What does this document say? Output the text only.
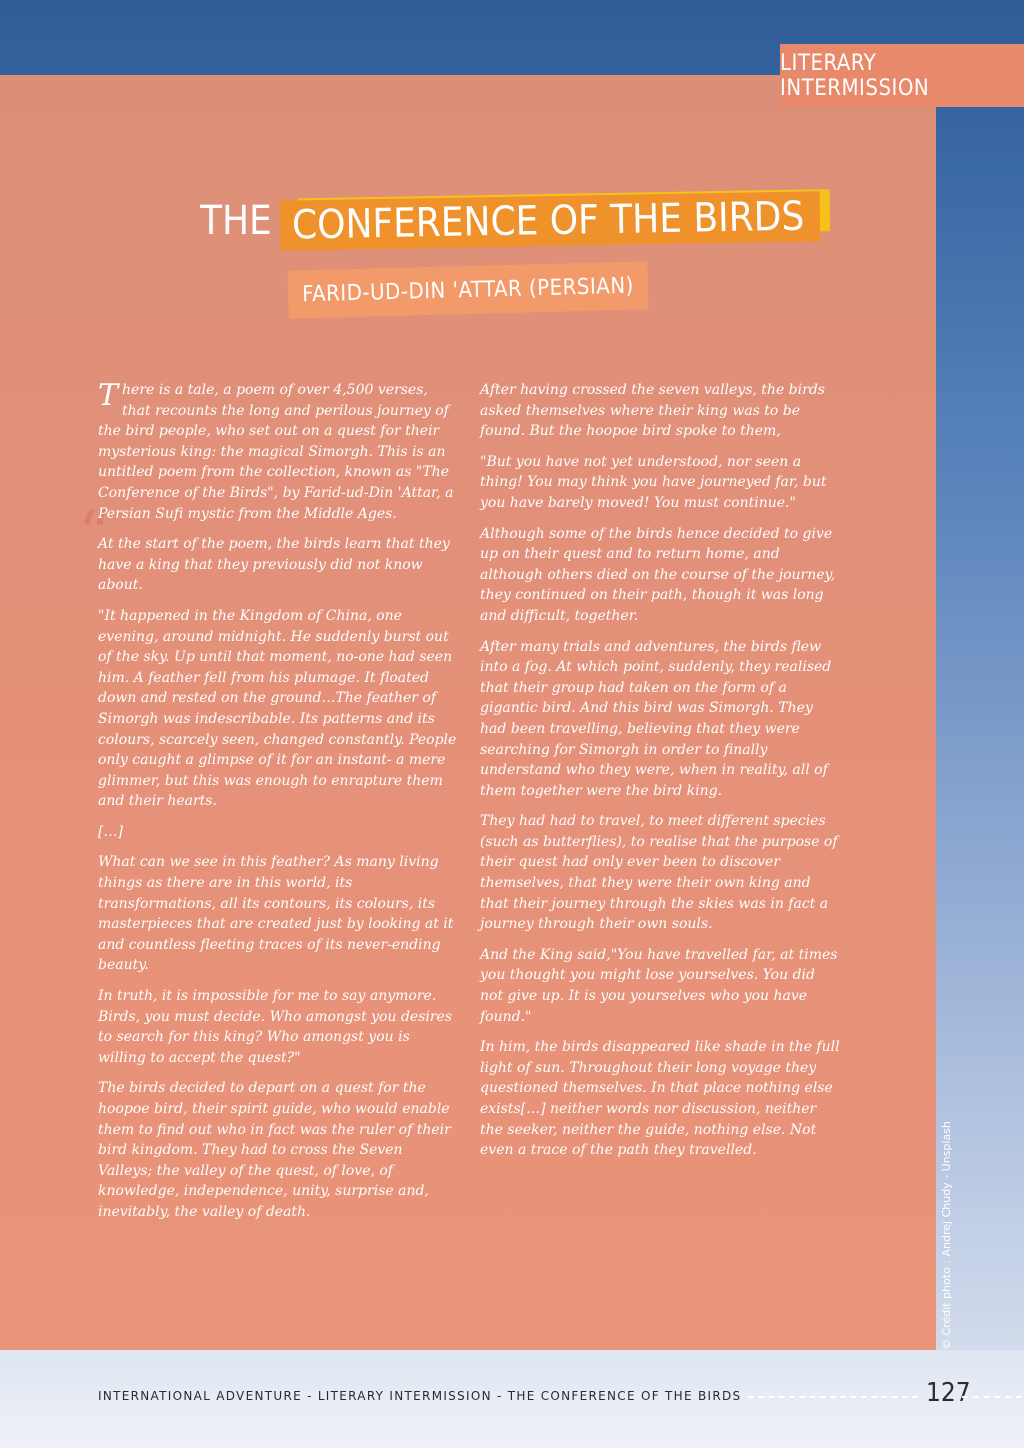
LITERARY INTERMISSION
THE CONFERENCE OF THE BIRDS
FARID-UD-DIN 'ATTAR (PERSIAN)
“

There is a tale, a poem of over 4,500 verses, that recounts the long and perilous journey of the bird people, who set out on a quest for their mysterious king: the magical Simorgh. This is an untitled poem from the collection, known as "The Conference of the Birds", by Farid-ud-Din 'Attar, a Persian Sufi mystic from the Middle Ages.

At the start of the poem, the birds learn that they have a king that they previously did not know about.

"It happened in the Kingdom of China, one evening, around midnight. He suddenly burst out of the sky. Up until that moment, no-one had seen him. A feather fell from his plumage. It floated down and rested on the ground…The feather of Simorgh was indescribable. Its patterns and its colours, scarcely seen, changed constantly. People only caught a glimpse of it for an instant- a mere glimmer, but this was enough to enrapture them and their hearts.

[…]

What can we see in this feather? As many living things as there are in this world, its transformations, all its contours, its colours, its masterpieces that are created just by looking at it and countless fleeting traces of its never-ending beauty.

In truth, it is impossible for me to say anymore. Birds, you must decide. Who amongst you desires to search for this king? Who amongst you is willing to accept the quest?"

The birds decided to depart on a quest for the hoopoe bird, their spirit guide, who would enable them to find out who in fact was the ruler of their bird kingdom. They had to cross the Seven Valleys; the valley of the quest, of love, of knowledge, independence, unity, surprise and, inevitably, the valley of death.

After having crossed the seven valleys, the birds asked themselves where their king was to be found. But the hoopoe bird spoke to them,

"But you have not yet understood, nor seen a thing! You may think you have journeyed far, but you have barely moved! You must continue."

Although some of the birds hence decided to give up on their quest and to return home, and although others died on the course of the journey, they continued on their path, though it was long and difficult, together.

After many trials and adventures, the birds flew into a fog. At which point, suddenly, they realised that their group had taken on the form of a gigantic bird. And this bird was Simorgh. They had been travelling, believing that they were searching for Simorgh in order to finally understand who they were, when in reality, all of them together were the bird king.

They had had to travel, to meet different species (such as butterflies), to realise that the purpose of their quest had only ever been to discover themselves, that they were their own king and that their journey through the skies was in fact a journey through their own souls.

And the King said,"You have travelled far, at times you thought you might lose yourselves. You did not give up. It is you yourselves who you have found."

In him, the birds disappeared like shade in the full light of sun. Throughout their long voyage they questioned themselves. In that place nothing else exists[…] neither words nor discussion, neither the seeker, neither the guide, nothing else. Not even a trace of the path they travelled.	© Crédit photo : Andrej Chudy - Unsplash
INTERNATIONAL ADVENTURE - LITERARY INTERMISSION - THE CONFERENCE OF THE BIRDS	127
